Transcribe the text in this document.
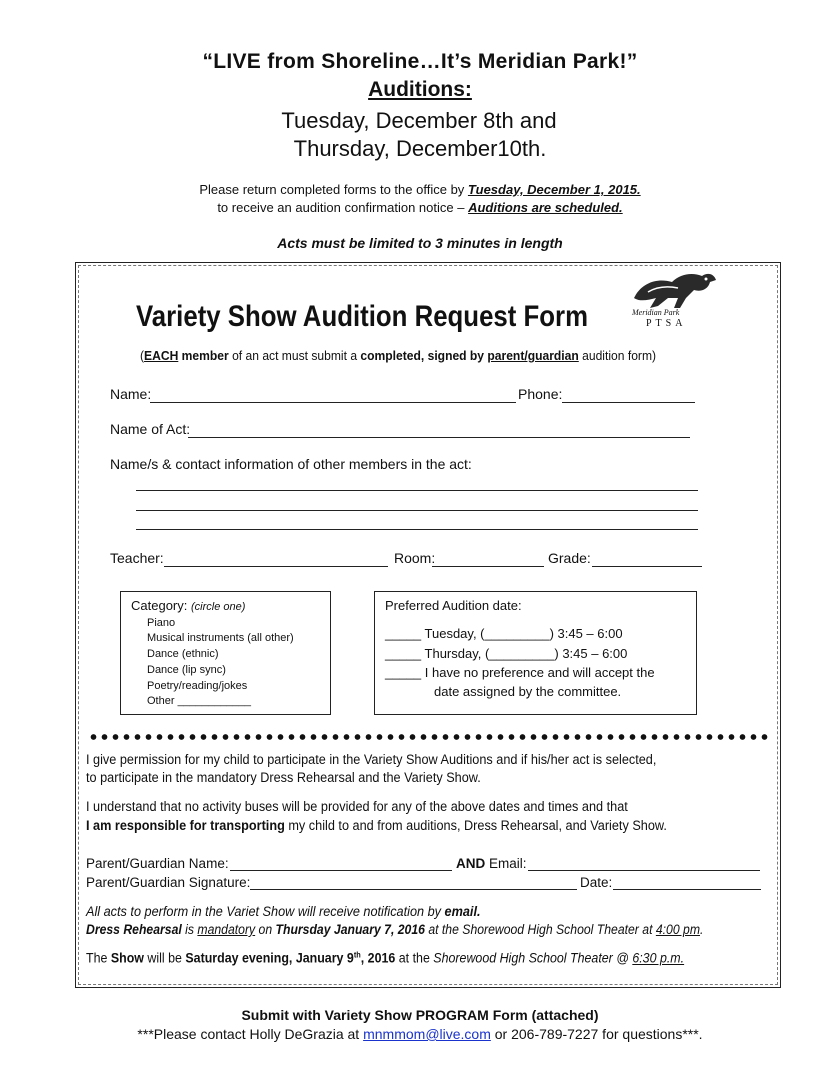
“LIVE from Shoreline…It’s Meridian Park!”
Auditions:
Tuesday, December 8th and
Thursday, December10th.
Please return completed forms to the office by Tuesday, December 1, 2015.
to receive an audition confirmation notice – Auditions are scheduled.
Acts must be limited to 3 minutes in length
Variety Show Audition Request Form	Meridian Park
PTSA
(EACH member of an act must submit a completed, signed by parent/guardian audition form)
Name:	Phone:
Name of Act:
Name/s & contact information of other members in the act:
Teacher:	Room:	Grade:
Category: (circle one)
Piano
Musical instruments (all other)
Dance (ethnic)
Dance (lip sync)
Poetry/reading/jokes
Other ____________
Preferred Audition date:
_____ Tuesday, (_________) 3:45 – 6:00
_____ Thursday, (_________) 3:45 – 6:00
_____ I have no preference and will accept the
date assigned by the committee.
I give permission for my child to participate in the Variety Show Auditions and if his/her act is selected,
to participate in the mandatory Dress Rehearsal and the Variety Show.
I understand that no activity buses will be provided for any of the above dates and times and that
I am responsible for transporting my child to and from auditions, Dress Rehearsal, and Variety Show.
Parent/Guardian Name:	AND Email:
Parent/Guardian Signature:	Date:
All acts to perform in the Variet Show will receive notification by email.
Dress Rehearsal is mandatory on Thursday January 7, 2016 at the Shorewood High School Theater at 4:00 pm.
The Show will be Saturday evening, January 9th, 2016 at the Shorewood High School Theater @ 6:30 p.m.
Submit with Variety Show PROGRAM Form (attached)
***Please contact Holly DeGrazia at mnmmom@live.com or 206-789-7227 for questions***.
